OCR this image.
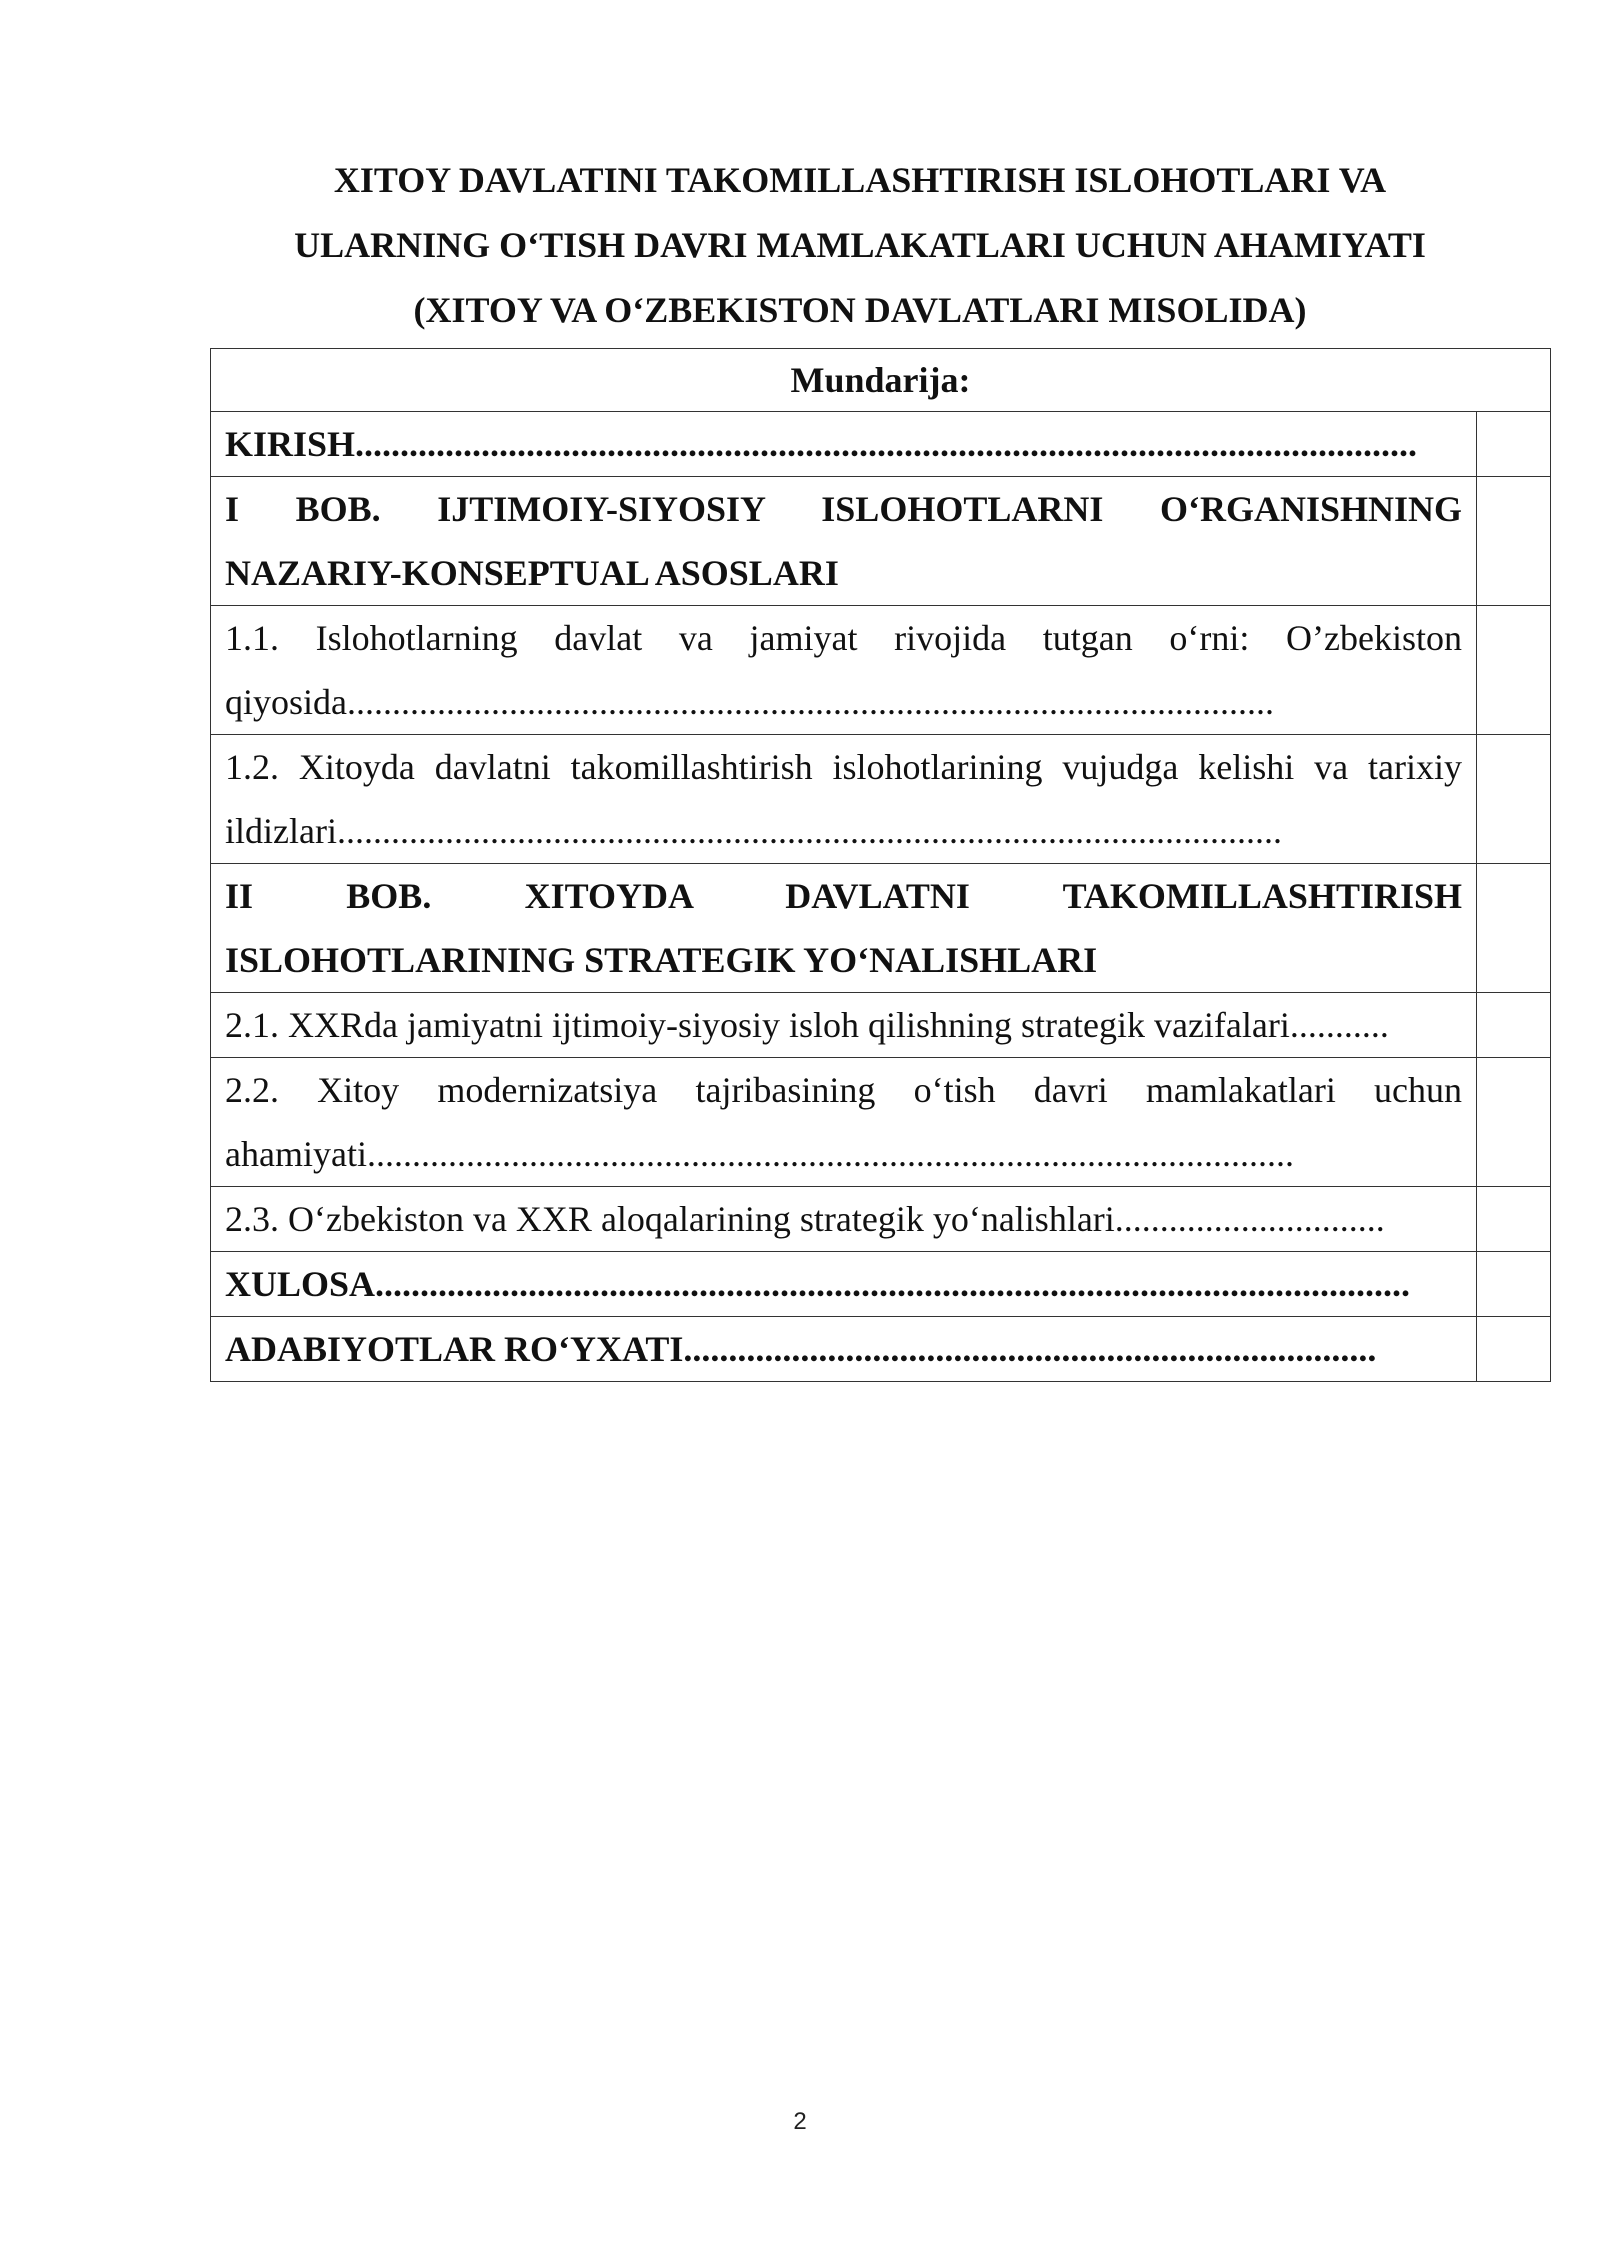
XITOY DAVLATINI TAKOMILLASHTIRISH ISLOHOTLARI VA
ULARNING O‘TISH DAVRI MAMLAKATLARI UCHUN AHAMIYATI
(XITOY VA O‘ZBEKISTON DAVLATLARI MISOLIDA)
Mundarija:	

KIRISH......................................................................................................................	

I BOB. IJTIMOIY-SIYOSIY ISLOHOTLARNI O‘RGANISHNING
NAZARIY-KONSEPTUAL ASOSLARI	

1.1. Islohotlarning davlat va jamiyat rivojida tutgan o‘rni: O’zbekiston
qiyosida.......................................................................................................	

1.2. Xitoyda davlatni takomillashtirish islohotlarining vujudga kelishi va tarixiy
ildizlari.........................................................................................................	

II BOB. XITOYDA DAVLATNI TAKOMILLASHTIRISH
ISLOHOTLARINING STRATEGIK YO‘NALISHLARI	

2.1. XXRda jamiyatni ijtimoiy-siyosiy isloh qilishning strategik vazifalari...........	

2.2. Xitoy modernizatsiya tajribasining o‘tish davri mamlakatlari uchun
ahamiyati.......................................................................................................	

2.3. O‘zbekiston va XXR aloqalarining strategik yo‘nalishlari..............................	

XULOSA...................................................................................................................	

ADABIYOTLAR RO‘YXATI.............................................................................	

2
